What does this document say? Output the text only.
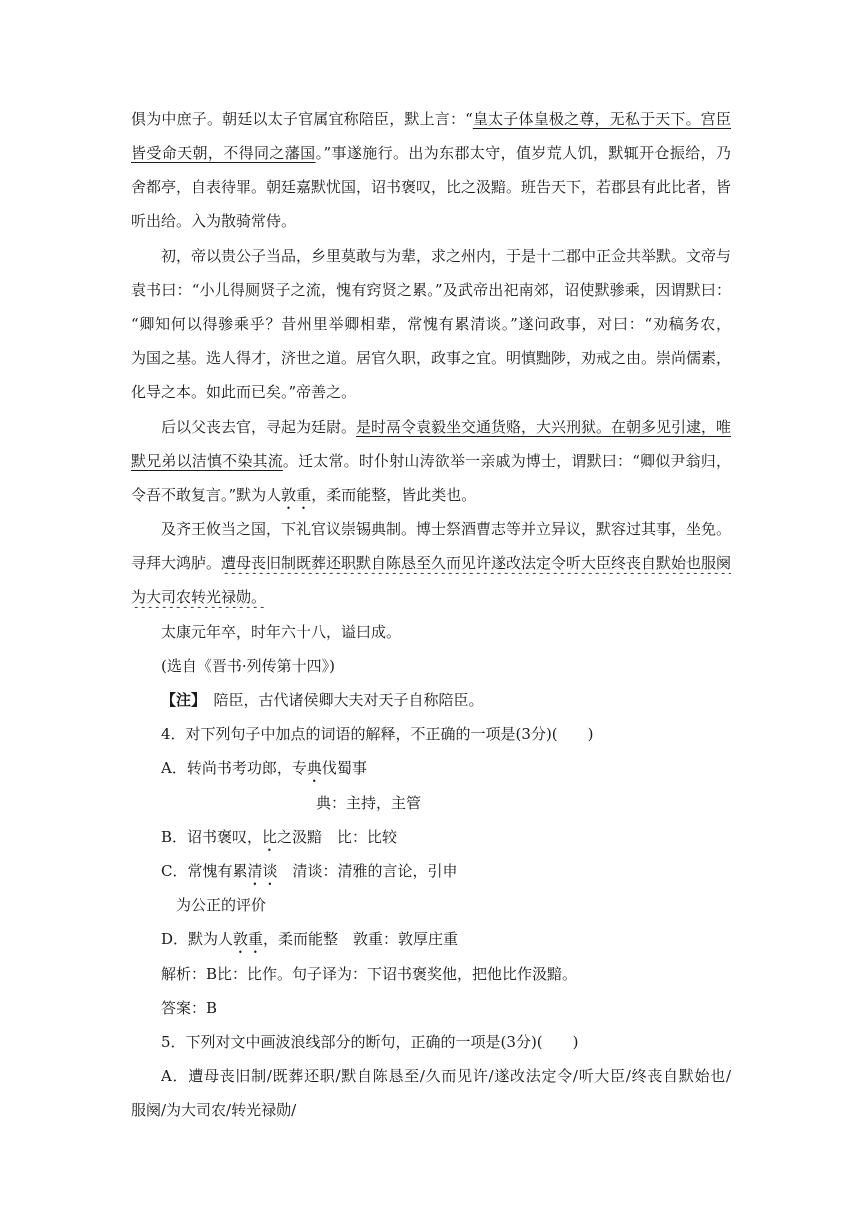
俱为中庶子。朝廷以太子官属宜称陪臣，默上言：“皇太子体皇极之尊，无私于天下。宫臣
皆受命天朝，不得同之藩国。”事遂施行。出为东郡太守，值岁荒人饥，默辄开仓振给，乃
舍都亭，自表待罪。朝廷嘉默忧国，诏书褒叹，比之汲黯。班告天下，若郡县有此比者，皆
听出给。入为散骑常侍。
初，帝以贵公子当品，乡里莫敢与为辈，求之州内，于是十二郡中正佥共举默。文帝与
袁书曰：“小儿得厕贤子之流，愧有窍贤之累。”及武帝出祀南郊，诏使默骖乘，因谓默曰：
“卿知何以得骖乘乎？昔州里举卿相辈，常愧有累清谈。”遂问政事，对曰：“劝稿务农，
为国之基。选人得才，济世之道。居官久职，政事之宜。明慎黜陟，劝戒之由。崇尚儒素，
化导之本。如此而已矣。”帝善之。
后以父丧去官，寻起为廷尉。是时鬲令袁毅坐交通货赂，大兴刑狱。在朝多见引逮，唯
默兄弟以洁慎不染其流。迁太常。时仆射山涛欲举一亲戚为博士，谓默曰：“卿似尹翁归，
令吾不敢复言。”默为人敦重，柔而能整，皆此类也。
及齐王攸当之国，下礼官议崇锡典制。博士祭酒曹志等并立异议，默容过其事，坐免。
寻拜大鸿胪。遭母丧旧制既葬还职默自陈恳至久而见许遂改法定令听大臣终丧自默始也服阕
为大司农转光禄勋。
太康元年卒，时年六十八，谥曰成。
(选自《晋书·列传第十四》)
【注】　陪臣，古代诸侯卿大夫对天子自称陪臣。
4．对下列句子中加点的词语的解释，不正确的一项是(3分)(　　)
A．转尚书考功郎，专典伐蜀事
典：主持，主管
B．诏书褒叹，比之汲黯　比：比较
C．常愧有累清谈　清谈：清雅的言论，引申
为公正的评价
D．默为人敦重，柔而能整　敦重：敦厚庄重
解析：B比：比作。句子译为：下诏书褒奖他，把他比作汲黯。
答案：B
5．下列对文中画波浪线部分的断句，正确的一项是(3分)(　　)
A．遭母丧旧制/既葬还职/默自陈恳至/久而见许/遂改法定令/听大臣/终丧自默始也/
服阕/为大司农/转光禄勋/
